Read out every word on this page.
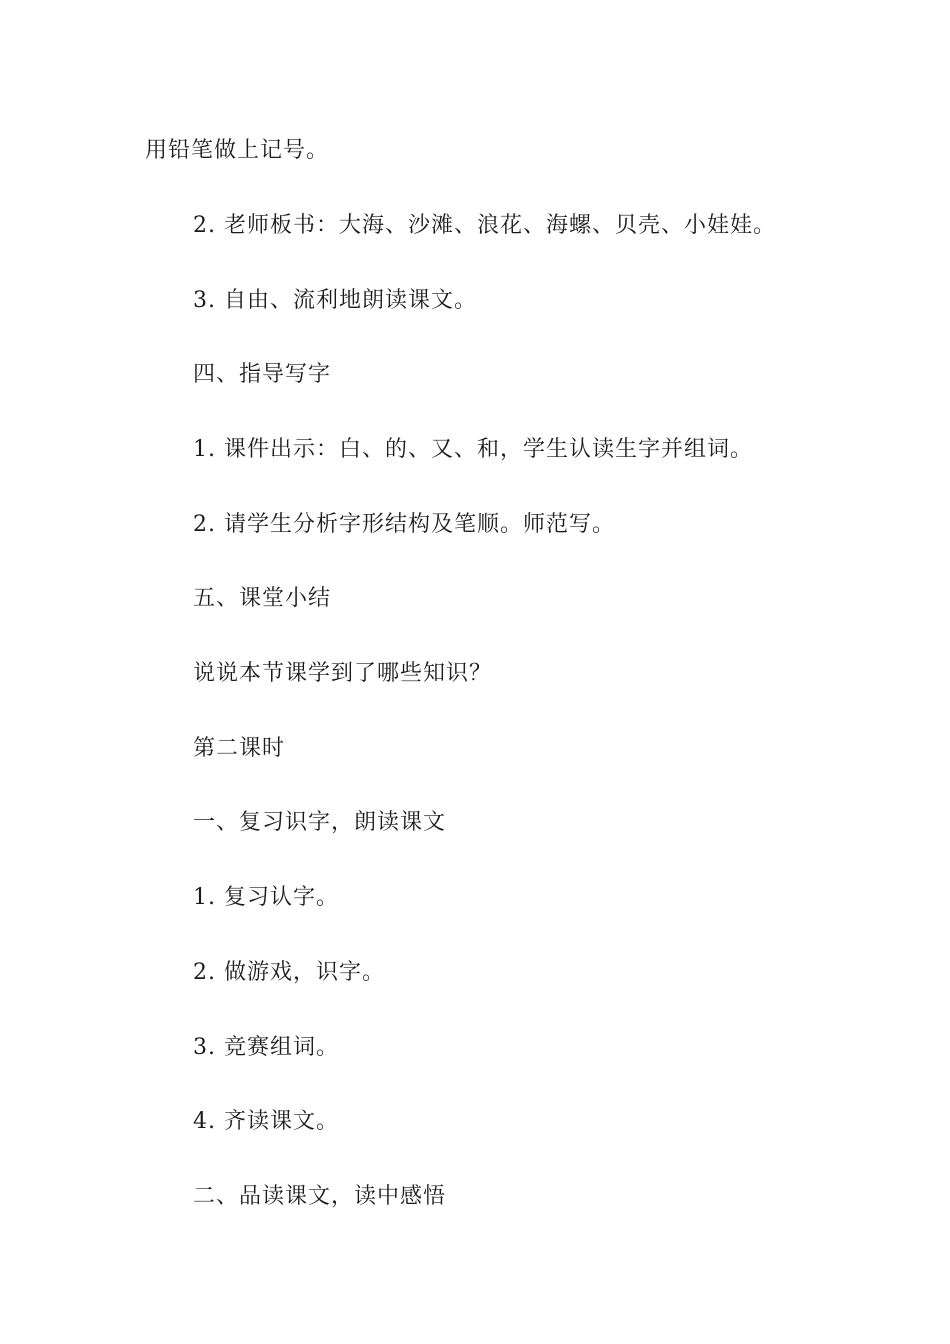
用铅笔做上记号。
2. 老师板书：大海、沙滩、浪花、海螺、贝壳、小娃娃。
3. 自由、流利地朗读课文。
四、指导写字
1. 课件出示：白、的、又、和，学生认读生字并组词。
2. 请学生分析字形结构及笔顺。师范写。
五、课堂小结
说说本节课学到了哪些知识？
第二课时
一、复习识字，朗读课文
1. 复习认字。
2. 做游戏，识字。
3. 竞赛组词。
4. 齐读课文。
二、品读课文，读中感悟
